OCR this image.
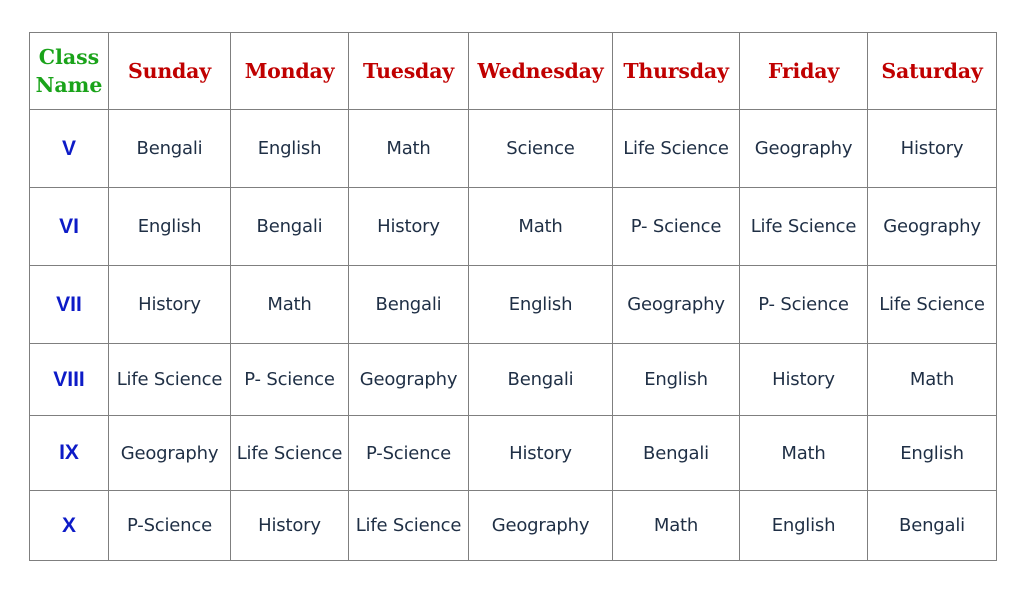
Class
Name	Sunday	Monday	Tuesday	Wednesday	Thursday	Friday	Saturday
V	Bengali	English	Math	Science	Life Science	Geography	History
VI	English	Bengali	History	Math	P- Science	Life Science	Geography
VII	History	Math	Bengali	English	Geography	P- Science	Life Science
VIII	Life Science	P- Science	Geography	Bengali	English	History	Math
IX	Geography	Life Science	P-Science	History	Bengali	Math	English
X	P-Science	History	Life Science	Geography	Math	English	Bengali
